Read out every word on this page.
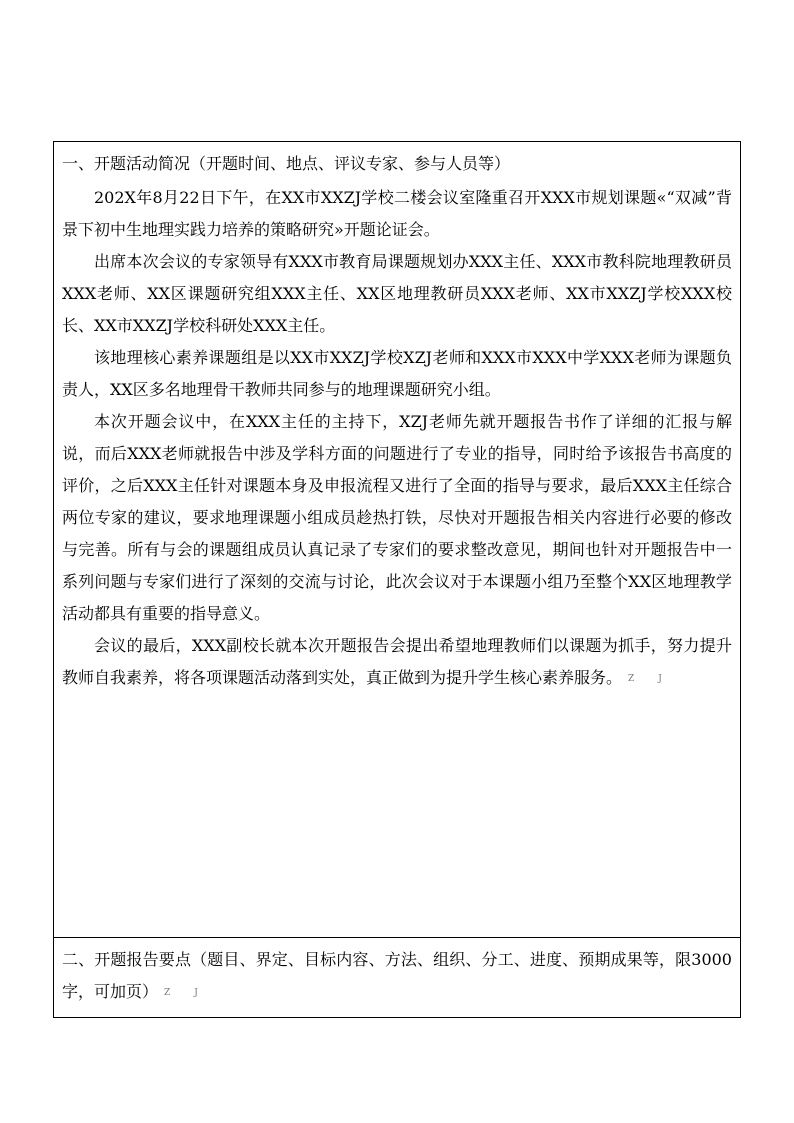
一、开题活动简况（开题时间、地点、评议专家、参与人员等）

202X年8月22日下午，在XX市XXZJ学校二楼会议室隆重召开XXX市规划课题«“双减”背景下初中生地理实践力培养的策略研究»开题论证会。

出席本次会议的专家领导有XXX市教育局课题规划办XXX主任、XXX市教科院地理教研员XXX老师、XX区课题研究组XXX主任、XX区地理教研员XXX老师、XX市XXZJ学校XXX校长、XX市XXZJ学校科研处XXX主任。

该地理核心素养课题组是以XX市XXZJ学校XZJ老师和XXX市XXX中学XXX老师为课题负责人，XX区多名地理骨干教师共同参与的地理课题研究小组。

本次开题会议中，在XXX主任的主持下，XZJ老师先就开题报告书作了详细的汇报与解说，而后XXX老师就报告中涉及学科方面的问题进行了专业的指导，同时给予该报告书高度的评价，之后XXX主任针对课题本身及申报流程又进行了全面的指导与要求，最后XXX主任综合两位专家的建议，要求地理课题小组成员趁热打铁，尽快对开题报告相关内容进行必要的修改与完善。所有与会的课题组成员认真记录了专家们的要求整改意见，期间也针对开题报告中一系列问题与专家们进行了深刻的交流与讨论，此次会议对于本课题小组乃至整个XX区地理教学活动都具有重要的指导意义。

会议的最后，XXX副校长就本次开题报告会提出希望地理教师们以课题为抓手，努力提升教师自我素养，将各项课题活动落到实处，真正做到为提升学生核心素养服务。 Z	J

二、开题报告要点（题目、界定、目标内容、方法、组织、分工、进度、预期成果等，限3000字，可加页） Z	J
